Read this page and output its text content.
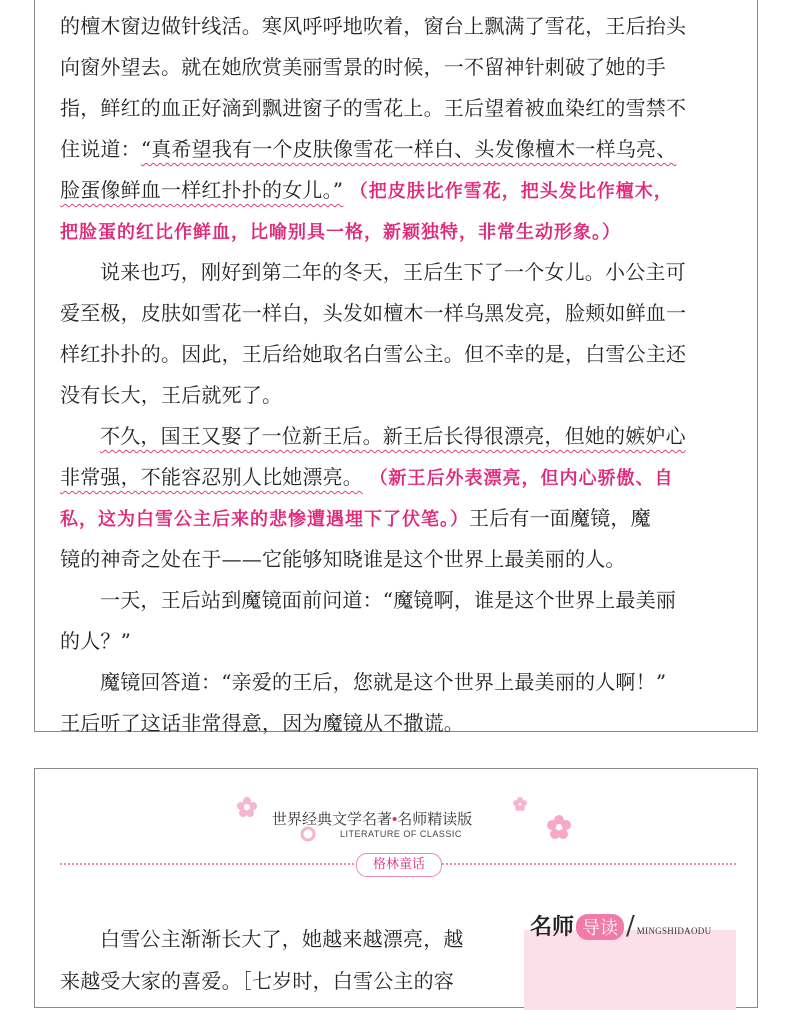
的檀木窗边做针线活。寒风呼呼地吹着，窗台上飘满了雪花，王后抬头
向窗外望去。就在她欣赏美丽雪景的时候，一不留神针刺破了她的手
指，鲜红的血正好滴到飘进窗子的雪花上。王后望着被血染红的雪禁不
住说道：“真希望我有一个皮肤像雪花一样白、头发像檀木一样乌亮、
脸蛋像鲜血一样红扑扑的女儿。” （把皮肤比作雪花，把头发比作檀木，
把脸蛋的红比作鲜血，比喻别具一格，新颖独特，非常生动形象。）
说来也巧，刚好到第二年的冬天，王后生下了一个女儿。小公主可
爱至极，皮肤如雪花一样白，头发如檀木一样乌黑发亮，脸颊如鲜血一
样红扑扑的。因此，王后给她取名白雪公主。但不幸的是，白雪公主还
没有长大，王后就死了。
不久，国王又娶了一位新王后。新王后长得很漂亮，但她的嫉妒心
非常强，不能容忍别人比她漂亮。 （新王后外表漂亮，但内心骄傲、自
私，这为白雪公主后来的悲惨遭遇埋下了伏笔。）王后有一面魔镜，魔
镜的神奇之处在于——它能够知晓谁是这个世界上最美丽的人。
一天，王后站到魔镜面前问道：“魔镜啊，谁是这个世界上最美丽
的人？”
魔镜回答道：“亲爱的王后，您就是这个世界上最美丽的人啊！”
王后听了这话非常得意，因为魔镜从不撒谎。
世界经典文学名著•名师精读版
LITERATURE OF CLASSIC
格林童话
名师 导读 / MINGSHIDAODU
白雪公主渐渐长大了，她越来越漂亮，越
来越受大家的喜爱。［七岁时，白雪公主的容
